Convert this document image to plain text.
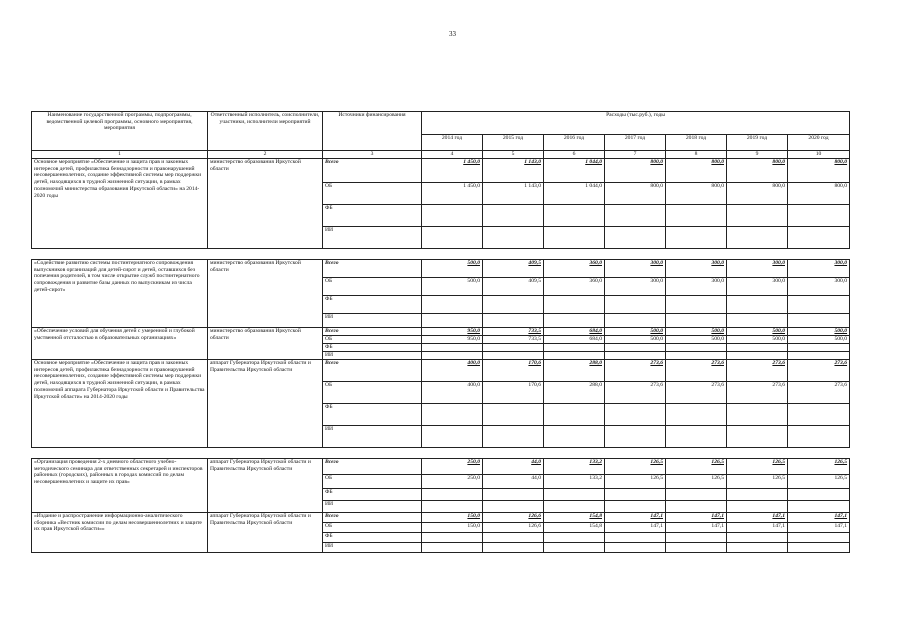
33
Наименование государственной программы, подпрограммы, ведомственной целевой программы, основного мероприятия, мероприятия	Ответственный исполнитель, соисполнители, участники, исполнители мероприятий	Источники финансирования	Расходы (тыс.руб.), годы						
			2014 год	2015 год	2016 год	2017 год	2018 год	2019 год	2020 год
1	2	3	4	5	6	7	8	9	10
Основное мероприятие «Обеспечение и защита прав и законных интересов детей, профилактика безнадзорности и правонарушений несовершеннолетних, создание эффективной системы мер поддержки детей, находящихся в трудной жизненной ситуации, в рамках полномочий министерства образования Иркутской области» на 2014-2020 годы	министерство образования Иркутской области	Всего	1 450,0	1 143,0	1 044,0	800,0	800,0	800,0	800,0
		ОБ	1 450,0	1 143,0	1 044,0	800,0	800,0	800,0	800,0
		ФБ							
		ИИ							

«Содействие развитию системы постинтернатного сопровождения выпускников организаций для детей-сирот и детей, оставшихся без попечения родителей, в том числе открытие служб постинтернатного сопровождения и развитие базы данных по выпускникам из числа детей-сирот»	министерство образования Иркутской области	Всего	500,0	409,5	360,0	300,0	300,0	300,0	300,0
		ОБ	500,0	409,5	360,0	300,0	300,0	300,0	300,0
		ФБ							
		ИИ							
«Обеспечение условий для обучения детей с умеренной и глубокой умственной отсталостью в образовательных организациях»	министерство образования Иркутской области	Всего	950,0	733,5	684,0	500,0	500,0	500,0	500,0
		ОБ	950,0	733,5	684,0	500,0	500,0	500,0	500,0
		ФБ							
		ИИ							
Основное мероприятие «Обеспечение и защита прав и законных интересов детей, профилактика безнадзорности и правонарушений несовершеннолетних, создание эффективной системы мер поддержки детей, находящихся в трудной жизненной ситуации, в рамках полномочий аппарата Губернатора Иркутской области и Правительства Иркутской области» на 2014-2020 годы	аппарат Губернатора Иркутской области и Правительства Иркутской области	Всего	400,0	170,6	288,0	273,6	273,6	273,6	273,6
		ОБ	400,0	170,6	288,0	273,6	273,6	273,6	273,6
		ФБ							
		ИИ							

«Организация проведения 2-х дневного областного учебно-методического семинара для ответственных секретарей и инспекторов районных (городских), районных в городах комиссий по делам несовершеннолетних и защите их прав»	аппарат Губернатора Иркутской области и Правительства Иркутской области	Всего	250,0	44,0	133,2	126,5	126,5	126,5	126,5
		ОБ	250,0	44,0	133,2	126,5	126,5	126,5	126,5
		ФБ							
		ИИ							
«Издание и распространение информационно-аналитического сборника «Вестник комиссии по делам несовершеннолетних и защите их прав Иркутской области»»	аппарат Губернатора Иркутской области и Правительства Иркутской области	Всего	150,0	126,6	154,8	147,1	147,1	147,1	147,1
		ОБ	150,0	126,6	154,8	147,1	147,1	147,1	147,1
		ФБ							
		ИИ							
